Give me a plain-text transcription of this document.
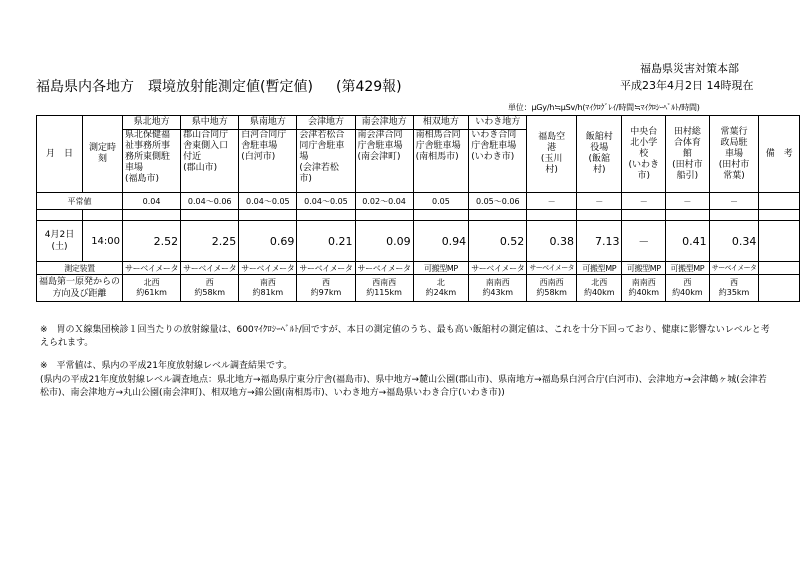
福島県災害対策本部
福島県内各地方　環境放射能測定値(暫定値) (第429報)	平成23年4月2日 14時現在
単位：μGy/h≒μSv/h(ﾏｲｸﾛｸﾞﾚｲ/時間≒ﾏｲｸﾛｼｰﾍﾞﾙﾄ/時間)
月　日	測定時刻	県北地方	県中地方	県南地方	会津地方	南会津地方	相双地方	いわき地方	福島空
港
(玉川
村)	飯舘村
役場
(飯舘
村)	中央台
北小学
校
(いわき
市)	田村総
合体育
館
(田村市
船引)	常葉行
政局駐
車場
(田村市
常葉)	備　考

		県北保健福
祉事務所事
務所東側駐
車場
(福島市)	郡山合同庁
舎東側入口
付近
(郡山市)	白河合同庁
舎駐車場
(白河市)	会津若松合
同庁舎駐車
場
(会津若松
市)	南会津合同
庁舎駐車場
(南会津町)	南相馬合同
庁舎駐車場
(南相馬市)	いわき合同
庁舎駐車場
(いわき市)						

平常値		0.04	0.04～0.06	0.04～0.05	0.04～0.05	0.02～0.04	0.05	0.05～0.06	－	－	－	－	－	

4月2日
(土)	14:00	2.52	2.25	0.69	0.21	0.09	0.94	0.52	0.38	7.13	－	0.41	0.34	
測定装置		サーベイメータ	サーベイメータ	サーベイメータ	サーベイメータ	サーベイメータ	可搬型MP	サーベイメータ	サーベイメータ	可搬型MP	可搬型MP	可搬型MP	サーベイメータ	

福島第一原発からの
方向及び距離		北西
約61km	西
約58km	南西
約81km	西
約97km	西南西
約115km	北
約24km	南南西
約43km	西南西
約58km	北西
約40km	南南西
約40km	西
約40km	西
約35km	

※　胃のＸ線集団検診１回当たりの放射線量は、600ﾏｲｸﾛｼｰﾍﾞﾙﾄ/回ですが、本日の測定値のうち、最も高い飯舘村の測定値は、これを十分下回っており、健康に影響ないレベルと考えられます。
※　平常値は、県内の平成21年度放射線レベル調査結果です。
(県内の平成21年度放射線レベル調査地点：県北地方→福島県庁東分庁舎(福島市)、県中地方→麓山公園(郡山市)、県南地方→福島県白河合庁(白河市)、会津地方→会津鶴ヶ城(会津若松市)、南会津地方→丸山公園(南会津町)、相双地方→錦公園(南相馬市)、いわき地方→福島県いわき合庁(いわき市))
